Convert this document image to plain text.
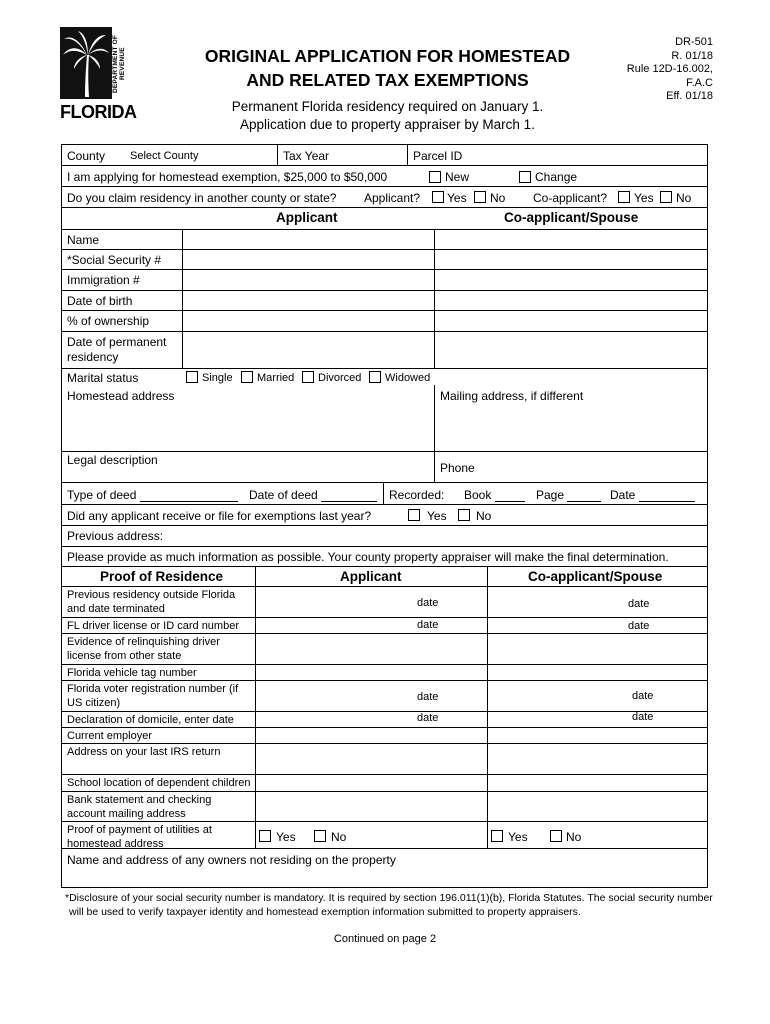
DEPARTMENT OF REVENUE
FLORIDA
ORIGINAL APPLICATION FOR HOMESTEAD
AND RELATED TAX EXEMPTIONS
Permanent Florida residency required on January 1.
Application due to property appraiser by March 1.
DR-501
R. 01/18
Rule 12D-16.002,
F.A.C
Eff. 01/18
County Select County	Tax Year	Parcel ID
I am applying for homestead exemption, $25,000 to $50,000	New	Change
Do you claim residency in another county or state? Applicant? Yes No Co-applicant? Yes No
Applicant	Co-applicant/Spouse
Name
*Social Security #
Immigration #
Date of birth
% of ownership
Date of permanent
residency
Marital status	Single Married Divorced Widowed
Homestead address	Mailing address, if different
Legal description
Phone
Type of deed	Date of deed	Recorded: Book	Page	Date
Did any applicant receive or file for exemptions last year?	Yes No
Previous address:
Please provide as much information as possible. Your county property appraiser will make the final determination.
Proof of Residence	Applicant	Co-applicant/Spouse
Previous residency outside Florida
and date terminated	date	date
FL driver license or ID card number	date	date
Evidence of relinquishing driver
license from other state
Florida vehicle tag number
Florida voter registration number (if
US citizen)	date	date
Declaration of domicile, enter date	date	date
Current employer
Address on your last IRS return
School location of dependent children
Bank statement and checking
account mailing address
Proof of payment of utilities at
homestead address	Yes	No	Yes	No
Name and address of any owners not residing on the property
*Disclosure of your social security number is mandatory. It is required by section 196.011(1)(b), Florida Statutes. The social security number
will be used to verify taxpayer identity and homestead exemption information submitted to property appraisers.
Continued on page 2
